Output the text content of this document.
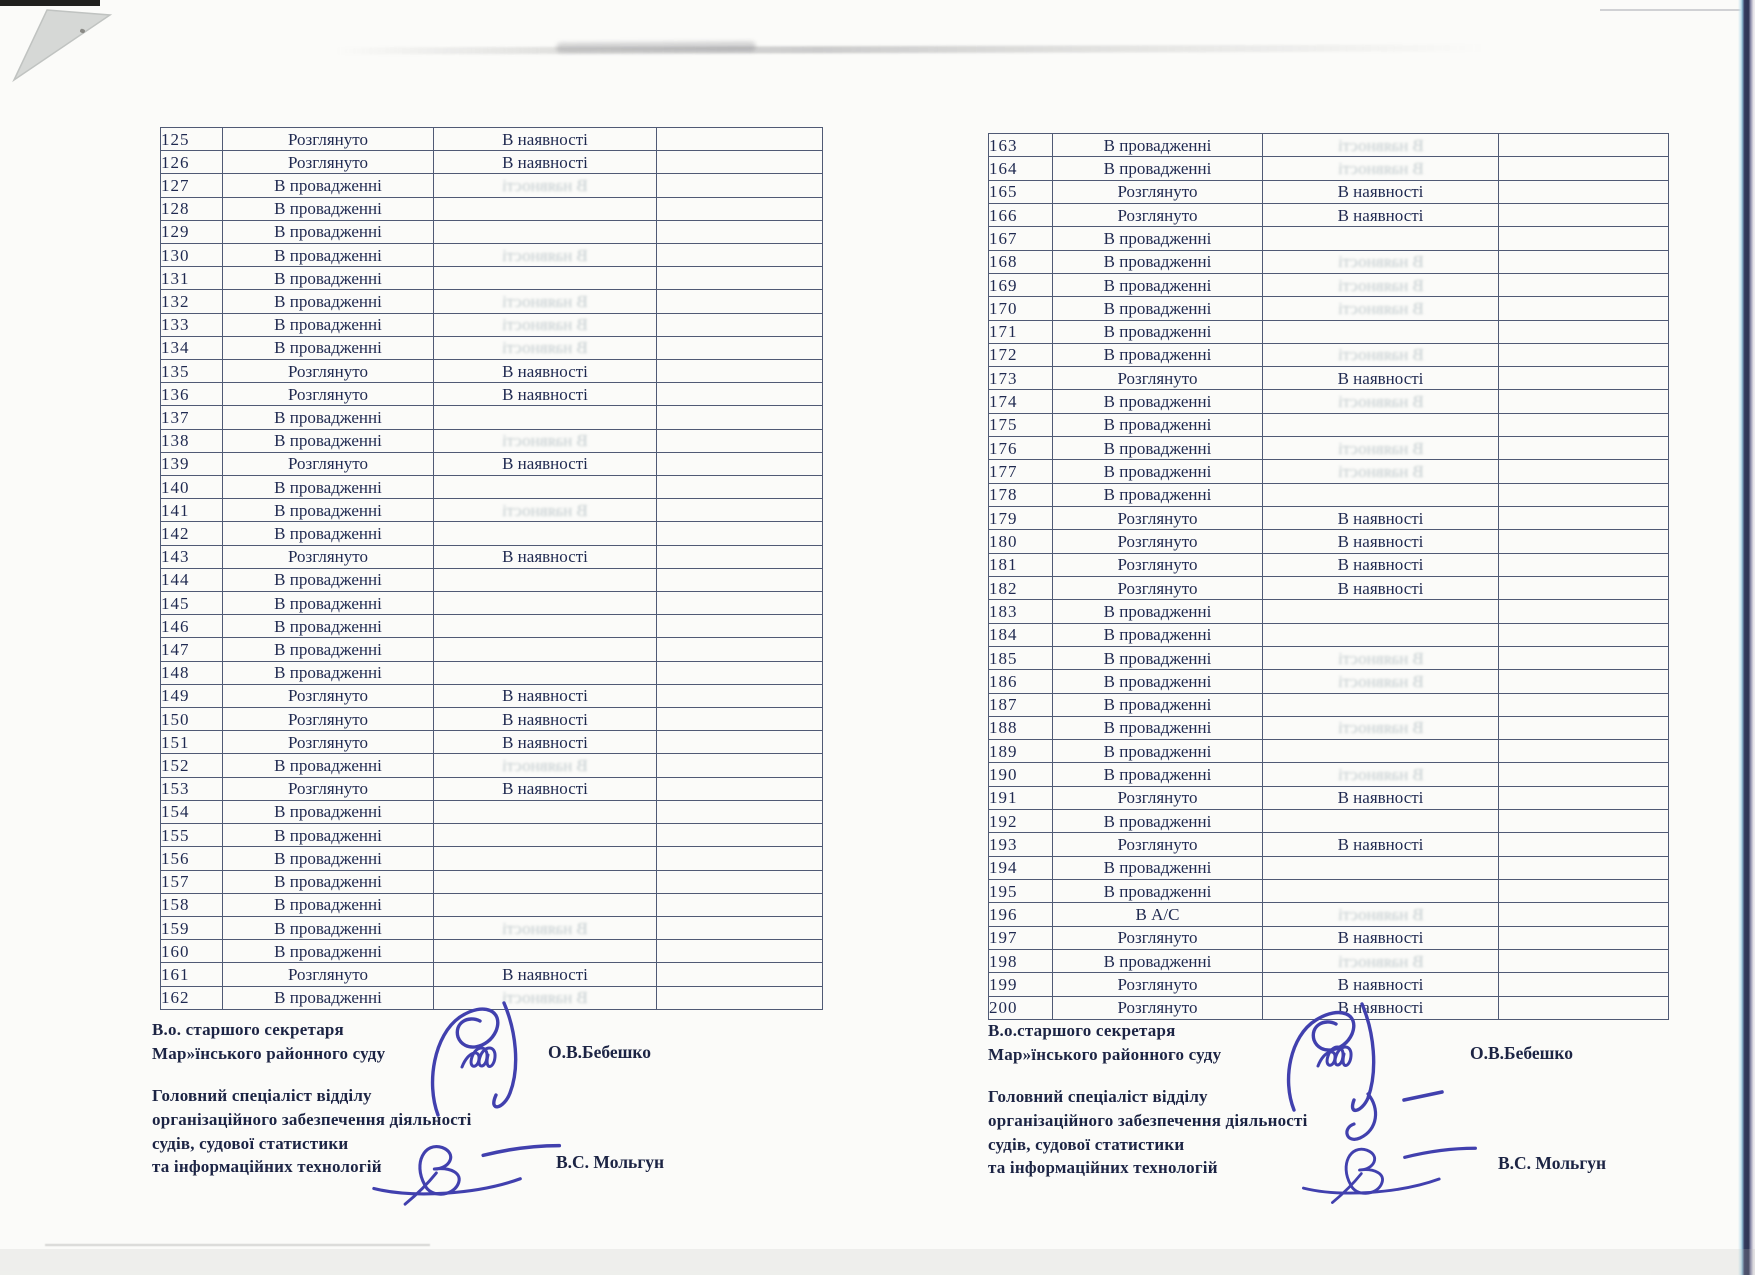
125	Розглянуто	В наявності	
126	Розглянуто	В наявності	
127	В провадженні	В наявності	
128	В провадженні		
129	В провадженні		
130	В провадженні	В наявності	
131	В провадженні		
132	В провадженні	В наявності	
133	В провадженні	В наявності	
134	В провадженні	В наявності	
135	Розглянуто	В наявності	
136	Розглянуто	В наявності	
137	В провадженні		
138	В провадженні	В наявності	
139	Розглянуто	В наявності	
140	В провадженні		
141	В провадженні	В наявності	
142	В провадженні		
143	Розглянуто	В наявності	
144	В провадженні		
145	В провадженні		
146	В провадженні		
147	В провадженні		
148	В провадженні		
149	Розглянуто	В наявності	
150	Розглянуто	В наявності	
151	Розглянуто	В наявності	
152	В провадженні	В наявності	
153	Розглянуто	В наявності	
154	В провадженні		
155	В провадженні		
156	В провадженні		
157	В провадженні		
158	В провадженні		
159	В провадженні	В наявності	
160	В провадженні		
161	Розглянуто	В наявності	
162	В провадженні	В наявності	
163	В провадженні	В наявності	
164	В провадженні	В наявності	
165	Розглянуто	В наявності	
166	Розглянуто	В наявності	
167	В провадженні		
168	В провадженні	В наявності	
169	В провадженні	В наявності	
170	В провадженні	В наявності	
171	В провадженні		
172	В провадженні	В наявності	
173	Розглянуто	В наявності	
174	В провадженні	В наявності	
175	В провадженні		
176	В провадженні	В наявності	
177	В провадженні	В наявності	
178	В провадженні		
179	Розглянуто	В наявності	
180	Розглянуто	В наявності	
181	Розглянуто	В наявності	
182	Розглянуто	В наявності	
183	В провадженні		
184	В провадженні		
185	В провадженні	В наявності	
186	В провадженні	В наявності	
187	В провадженні		
188	В провадженні	В наявності	
189	В провадженні		
190	В провадженні	В наявності	
191	Розглянуто	В наявності	
192	В провадженні		
193	Розглянуто	В наявності	
194	В провадженні		
195	В провадженні		
196	В А/С	В наявності	
197	Розглянуто	В наявності	
198	В провадженні	В наявності	
199	Розглянуто	В наявності	
200	Розглянуто	В наявності	
В.о. старшого секретаря
Мар»їнського районного суду	О.В.Бебешко
Головний спеціаліст відділу
організаційного забезпечення діяльності
судів, судової статистики
та інформаційних технологій	В.С. Мольгун
В.о.старшого секретаря
Мар»їнського районного суду	О.В.Бебешко
Головний спеціаліст відділу
організаційного забезпечення діяльності
судів, судової статистики
та інформаційних технологій	В.С. Мольгун
